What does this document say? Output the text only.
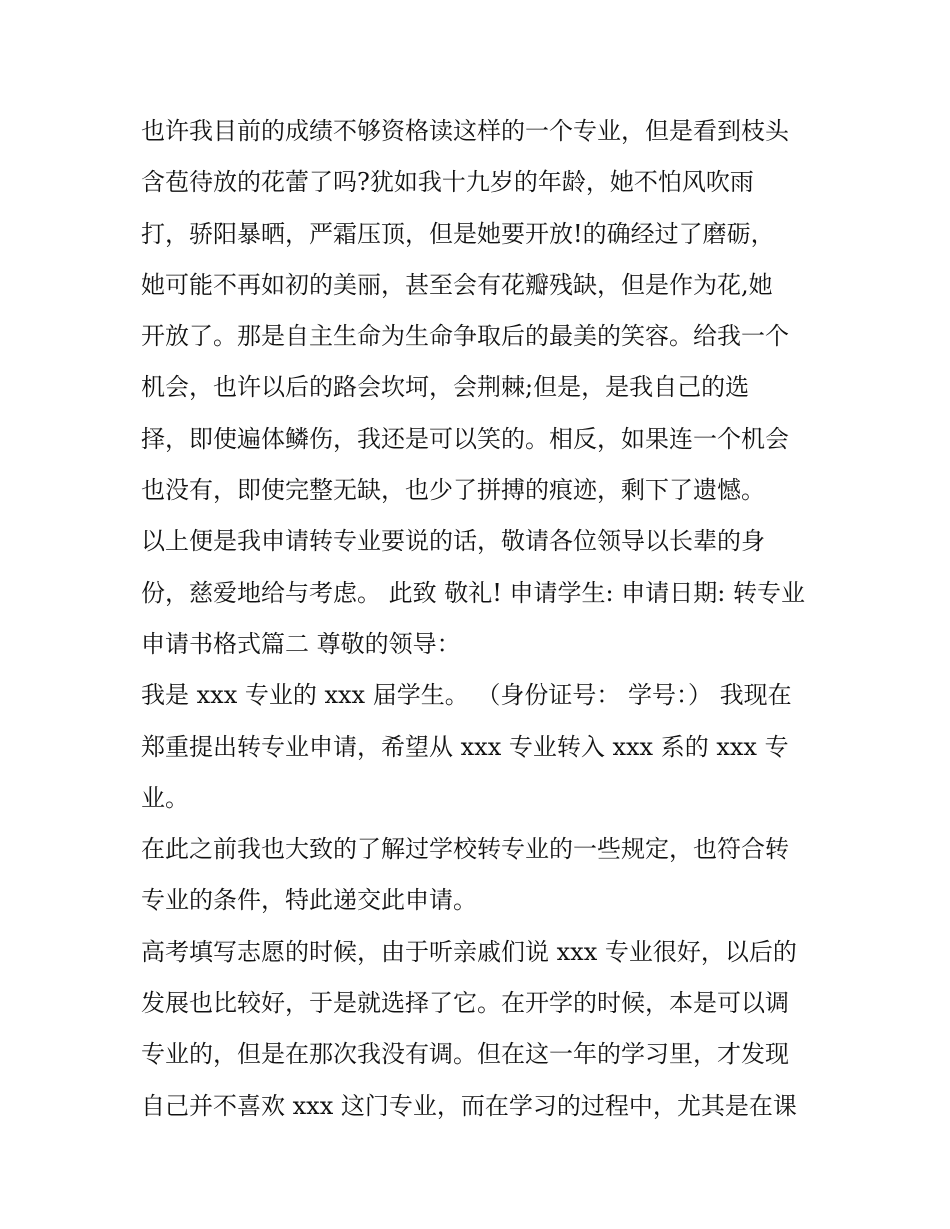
也许我目前的成绩不够资格读这样的一个专业，但是看到枝头
含苞待放的花蕾了吗?犹如我十九岁的年龄，她不怕风吹雨
打，骄阳暴晒，严霜压顶，但是她要开放!的确经过了磨砺，
她可能不再如初的美丽，甚至会有花瓣残缺，但是作为花,她
开放了。那是自主生命为生命争取后的最美的笑容。给我一个
机会，也许以后的路会坎坷，会荆棘;但是，是我自己的选
择，即使遍体鳞伤，我还是可以笑的。相反，如果连一个机会
也没有，即使完整无缺，也少了拼搏的痕迹，剩下了遗憾。
以上便是我申请转专业要说的话，敬请各位领导以长辈的身
份，慈爱地给与考虑。 此致 敬礼! 申请学生: 申请日期: 转专业
申请书格式篇二 尊敬的领导：
我是 xxx 专业的 xxx 届学生。 （身份证号： 学号：） 我现在
郑重提出转专业申请，希望从 xxx 专业转入 xxx 系的 xxx 专
业。
在此之前我也大致的了解过学校转专业的一些规定，也符合转
专业的条件，特此递交此申请。
高考填写志愿的时候，由于听亲戚们说 xxx 专业很好，以后的
发展也比较好，于是就选择了它。在开学的时候，本是可以调
专业的，但是在那次我没有调。但在这一年的学习里，才发现
自己并不喜欢 xxx 这门专业，而在学习的过程中，尤其是在课
